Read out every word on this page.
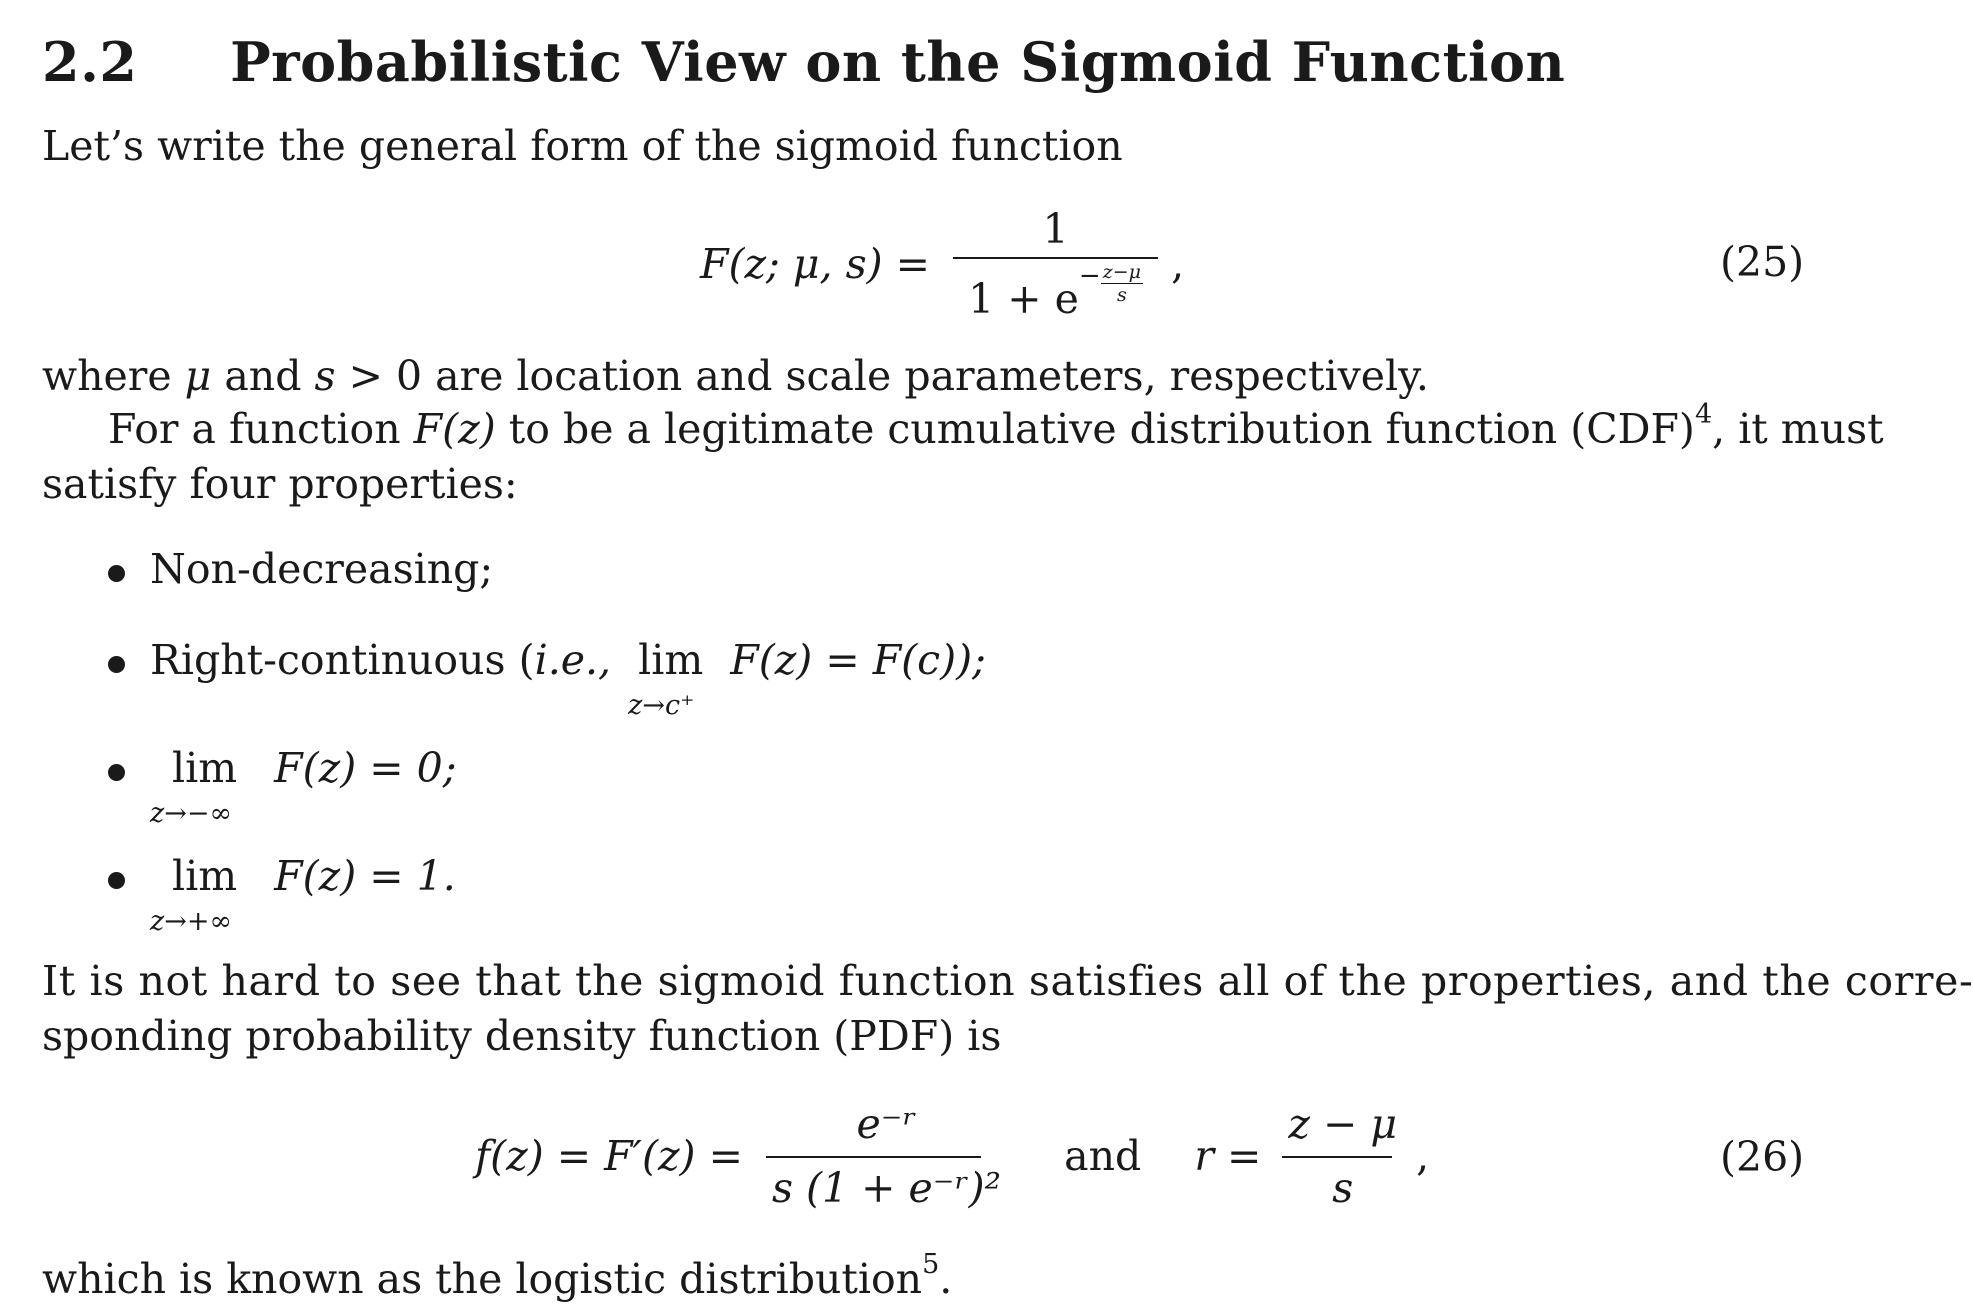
2.2 Probabilistic View on the Sigmoid Function
Let’s write the general form of the sigmoid function
F(z; μ, $s) = \frac{1}{1 + e^- \frac{z-\mu}{s}}$ ,	(25)
where μ and s > 0 are location and scale parameters, respectively.
For a function F(z) to be a legitimate cumulative distribution function (CDF)$^4$, it must
satisfy four properties:
Non-decreasing;
Right-continuous (i.e., lim
z→c⁺
F(z) = F(c));
lim
z→−∞
F(z) = 0;
lim
z→+∞
F(z) = 1.
It is not hard to see that the sigmoid function satisfies all of the properties, and the corre-
sponding probability density function (PDF) is
$f(z) = F'(z) = \frac{\text{e⁻ʳ}}{\text{s (1 + e⁻ʳ)²}}$ and $r = \frac{z - \mu}{s}$ ,	(26)
which is known as the logistic distribution$^5$.
